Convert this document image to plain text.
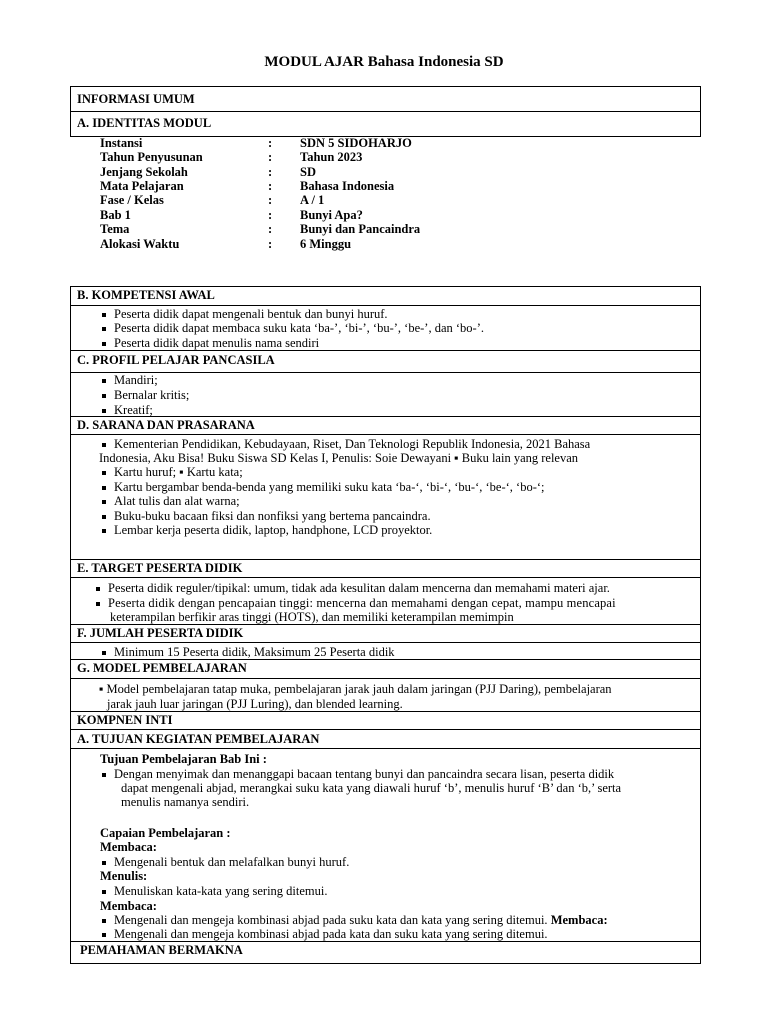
MODUL AJAR Bahasa Indonesia SD
INFORMASI UMUM
A. IDENTITAS MODUL
Instansi	: SDN 5 SIDOHARJO
Tahun Penyusunan	: Tahun 2023
Jenjang Sekolah	: SD
Mata Pelajaran	: Bahasa Indonesia
Fase / Kelas	: A / 1
Bab 1	: Bunyi Apa?
Tema	: Bunyi dan Pancaindra
Alokasi Waktu	: 6 Minggu
B. KOMPETENSI AWAL
Peserta didik dapat mengenali bentuk dan bunyi huruf.
Peserta didik dapat membaca suku kata ‘ba-’, ‘bi-’, ‘bu-’, ‘be-’, dan ‘bo-’.
Peserta didik dapat menulis nama sendiri
C. PROFIL PELAJAR PANCASILA
Mandiri;
Bernalar kritis;
Kreatif;
D. SARANA DAN PRASARANA
Kementerian Pendidikan, Kebudayaan, Riset, Dan Teknologi Republik Indonesia, 2021 Bahasa
Indonesia, Aku Bisa! Buku Siswa SD Kelas I, Penulis: Soie Dewayani ▪ Buku lain yang relevan
Kartu huruf; ▪ Kartu kata;
Kartu bergambar benda-benda yang memiliki suku kata ‘ba-‘, ‘bi-‘, ‘bu-‘, ‘be-‘, ‘bo-‘;
Alat tulis dan alat warna;
Buku-buku bacaan fiksi dan nonfiksi yang bertema pancaindra.
Lembar kerja peserta didik, laptop, handphone, LCD proyektor.
E. TARGET PESERTA DIDIK
Peserta didik reguler/tipikal: umum, tidak ada kesulitan dalam mencerna dan memahami materi ajar.
Peserta didik dengan pencapaian tinggi: mencerna dan memahami dengan cepat, mampu mencapai
keterampilan berfikir aras tinggi (HOTS), dan memiliki keterampilan memimpin
F. JUMLAH PESERTA DIDIK
Minimum 15 Peserta didik, Maksimum 25 Peserta didik
G. MODEL PEMBELAJARAN
▪ Model pembelajaran tatap muka, pembelajaran jarak jauh dalam jaringan (PJJ Daring), pembelajaran
jarak jauh luar jaringan (PJJ Luring), dan blended learning.
KOMPNEN INTI
A. TUJUAN KEGIATAN PEMBELAJARAN
Tujuan Pembelajaran Bab Ini :
Dengan menyimak dan menanggapi bacaan tentang bunyi dan pancaindra secara lisan, peserta didik
dapat mengenali abjad, merangkai suku kata yang diawali huruf ‘b’, menulis huruf ‘B’ dan ‘b,’ serta
menulis namanya sendiri.
Capaian Pembelajaran :
Membaca:
Mengenali bentuk dan melafalkan bunyi huruf.
Menulis:
Menuliskan kata-kata yang sering ditemui.
Membaca:
Mengenali dan mengeja kombinasi abjad pada suku kata dan kata yang sering ditemui. Membaca:
Mengenali dan mengeja kombinasi abjad pada kata dan suku kata yang sering ditemui.
PEMAHAMAN BERMAKNA
